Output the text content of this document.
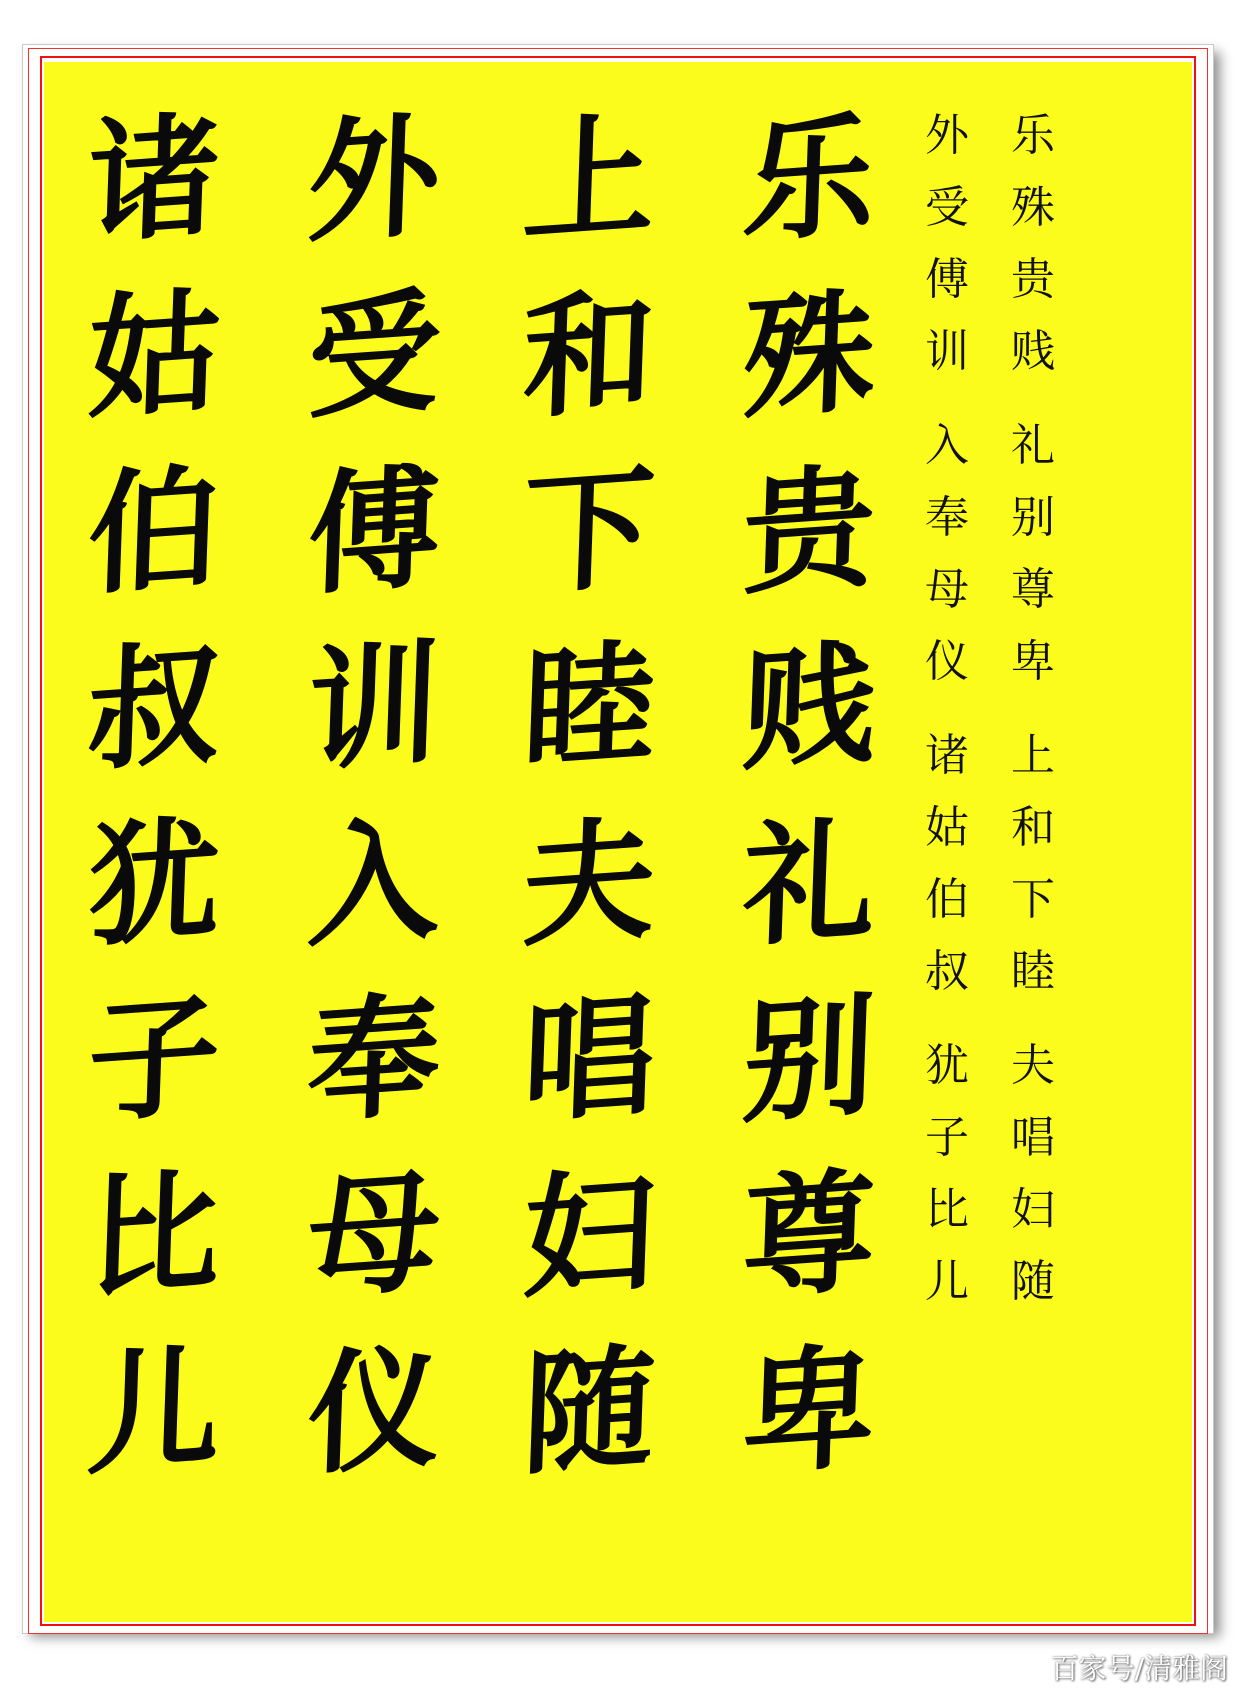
乐
殊
贵
贱
礼
别
尊
卑
上
和
下
睦
夫
唱
妇
随
外
受
傅
训
入
奉
母
仪
诸
姑
伯
叔
犹
子
比
儿
乐
殊
贵
贱
礼
别
尊
卑
上
和
下
睦
夫
唱
妇
随
外
受
傅
训
入
奉
母
仪
诸
姑
伯
叔
犹
子
比
儿
百家号/清雅阁
